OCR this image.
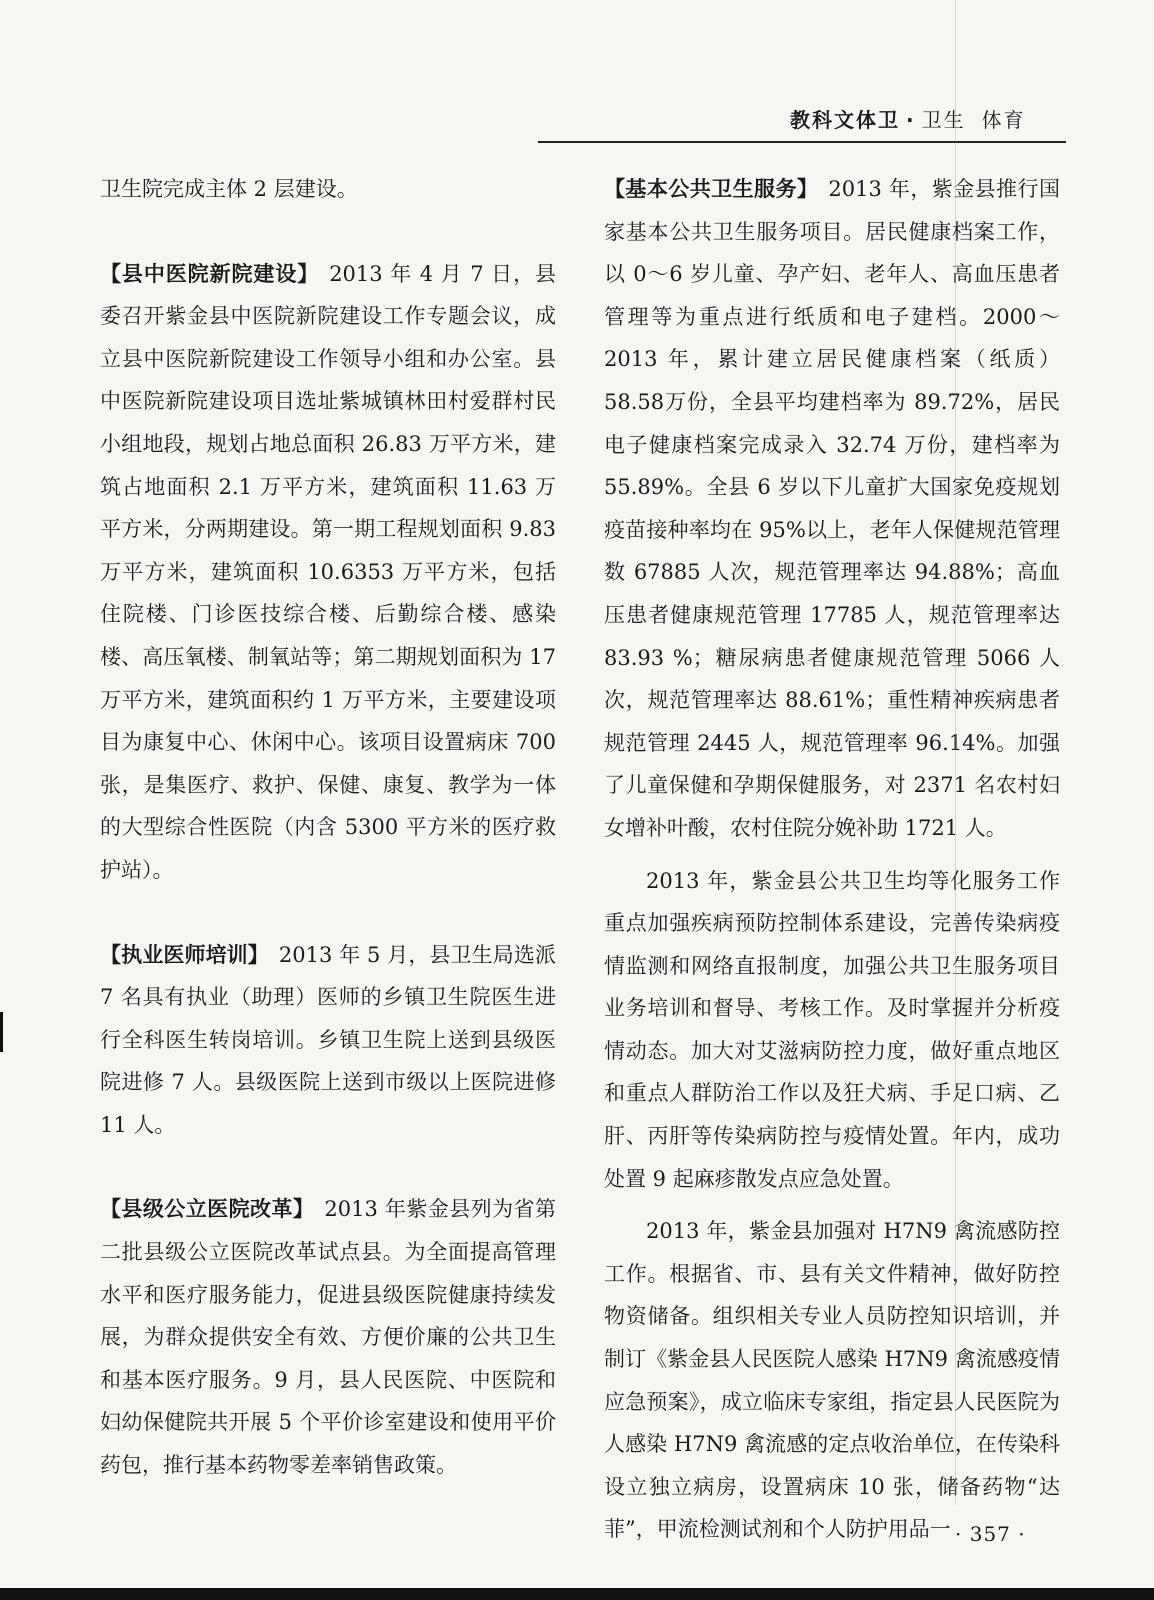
教科文体卫 · 卫生 体育

卫生院完成主体 2 层建设。

【县中医院新院建设】 2013 年 4 月 7 日，县委召开紫金县中医院新院建设工作专题会议，成立县中医院新院建设工作领导小组和办公室。县中医院新院建设项目选址紫城镇林田村爱群村民小组地段，规划占地总面积 26.83 万平方米，建筑占地面积 2.1 万平方米，建筑面积 11.63 万平方米，分两期建设。第一期工程规划面积 9.83 万平方米，建筑面积 10.6353 万平方米，包括住院楼、门诊医技综合楼、后勤综合楼、感染楼、高压氧楼、制氧站等；第二期规划面积为 17 万平方米，建筑面积约 1 万平方米，主要建设项目为康复中心、休闲中心。该项目设置病床 700 张，是集医疗、救护、保健、康复、教学为一体的大型综合性医院（内含 5300 平方米的医疗救护站）。

【执业医师培训】 2013 年 5 月，县卫生局选派 7 名具有执业（助理）医师的乡镇卫生院医生进行全科医生转岗培训。乡镇卫生院上送到县级医院进修 7 人。县级医院上送到市级以上医院进修 11 人。

【县级公立医院改革】 2013 年紫金县列为省第二批县级公立医院改革试点县。为全面提高管理水平和医疗服务能力，促进县级医院健康持续发展，为群众提供安全有效、方便价廉的公共卫生和基本医疗服务。9 月，县人民医院、中医院和妇幼保健院共开展 5 个平价诊室建设和使用平价药包，推行基本药物零差率销售政策。

【基本公共卫生服务】 2013 年，紫金县推行国家基本公共卫生服务项目。居民健康档案工作，以 0～6 岁儿童、孕产妇、老年人、高血压患者管理等为重点进行纸质和电子建档。2000～2013 年，累计建立居民健康档案（纸质）58.58万份，全县平均建档率为 89.72%，居民电子健康档案完成录入 32.74 万份，建档率为 55.89%。全县 6 岁以下儿童扩大国家免疫规划疫苗接种率均在 95%以上，老年人保健规范管理数 67885 人次，规范管理率达 94.88%；高血压患者健康规范管理 17785 人，规范管理率达 83.93 %；糖尿病患者健康规范管理 5066 人次，规范管理率达 88.61%；重性精神疾病患者规范管理 2445 人，规范管理率 96.14%。加强了儿童保健和孕期保健服务，对 2371 名农村妇女增补叶酸，农村住院分娩补助 1721 人。

2013 年，紫金县公共卫生均等化服务工作重点加强疾病预防控制体系建设，完善传染病疫情监测和网络直报制度，加强公共卫生服务项目业务培训和督导、考核工作。及时掌握并分析疫情动态。加大对艾滋病防控力度，做好重点地区和重点人群防治工作以及狂犬病、手足口病、乙肝、丙肝等传染病防控与疫情处置。年内，成功处置 9 起麻疹散发点应急处置。

2013 年，紫金县加强对 H7N9 禽流感防控工作。根据省、市、县有关文件精神，做好防控物资储备。组织相关专业人员防控知识培训，并制订《紫金县人民医院人感染 H7N9 禽流感疫情应急预案》，成立临床专家组，指定县人民医院为人感染 H7N9 禽流感的定点收治单位，在传染科设立独立病房，设置病床 10 张，储备药物“达菲”，甲流检测试剂和个人防护用品一 · 357 ·
